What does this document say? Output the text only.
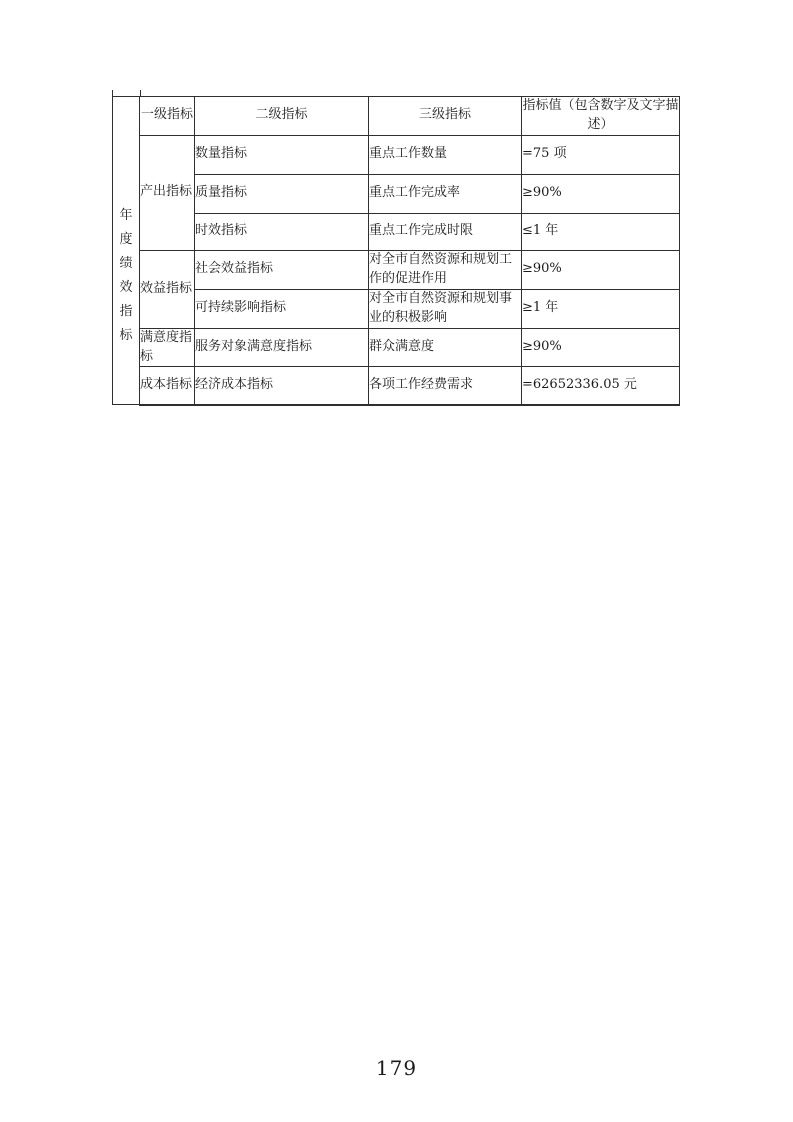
年度绩效指标	一级指标	二级指标	三级指标	指标值（包含数字及文字描述）
	产出指标	数量指标	重点工作数量	=75 项
		质量指标	重点工作完成率	≥90%
		时效指标	重点工作完成时限	≤1 年
	效益指标	社会效益指标	对全市自然资源和规划工作的促进作用	≥90%
		可持续影响指标	对全市自然资源和规划事业的积极影响	≥1 年
	满意度指标	服务对象满意度指标	群众满意度	≥90%
	成本指标	经济成本指标	各项工作经费需求	=62652336.05 元
179
